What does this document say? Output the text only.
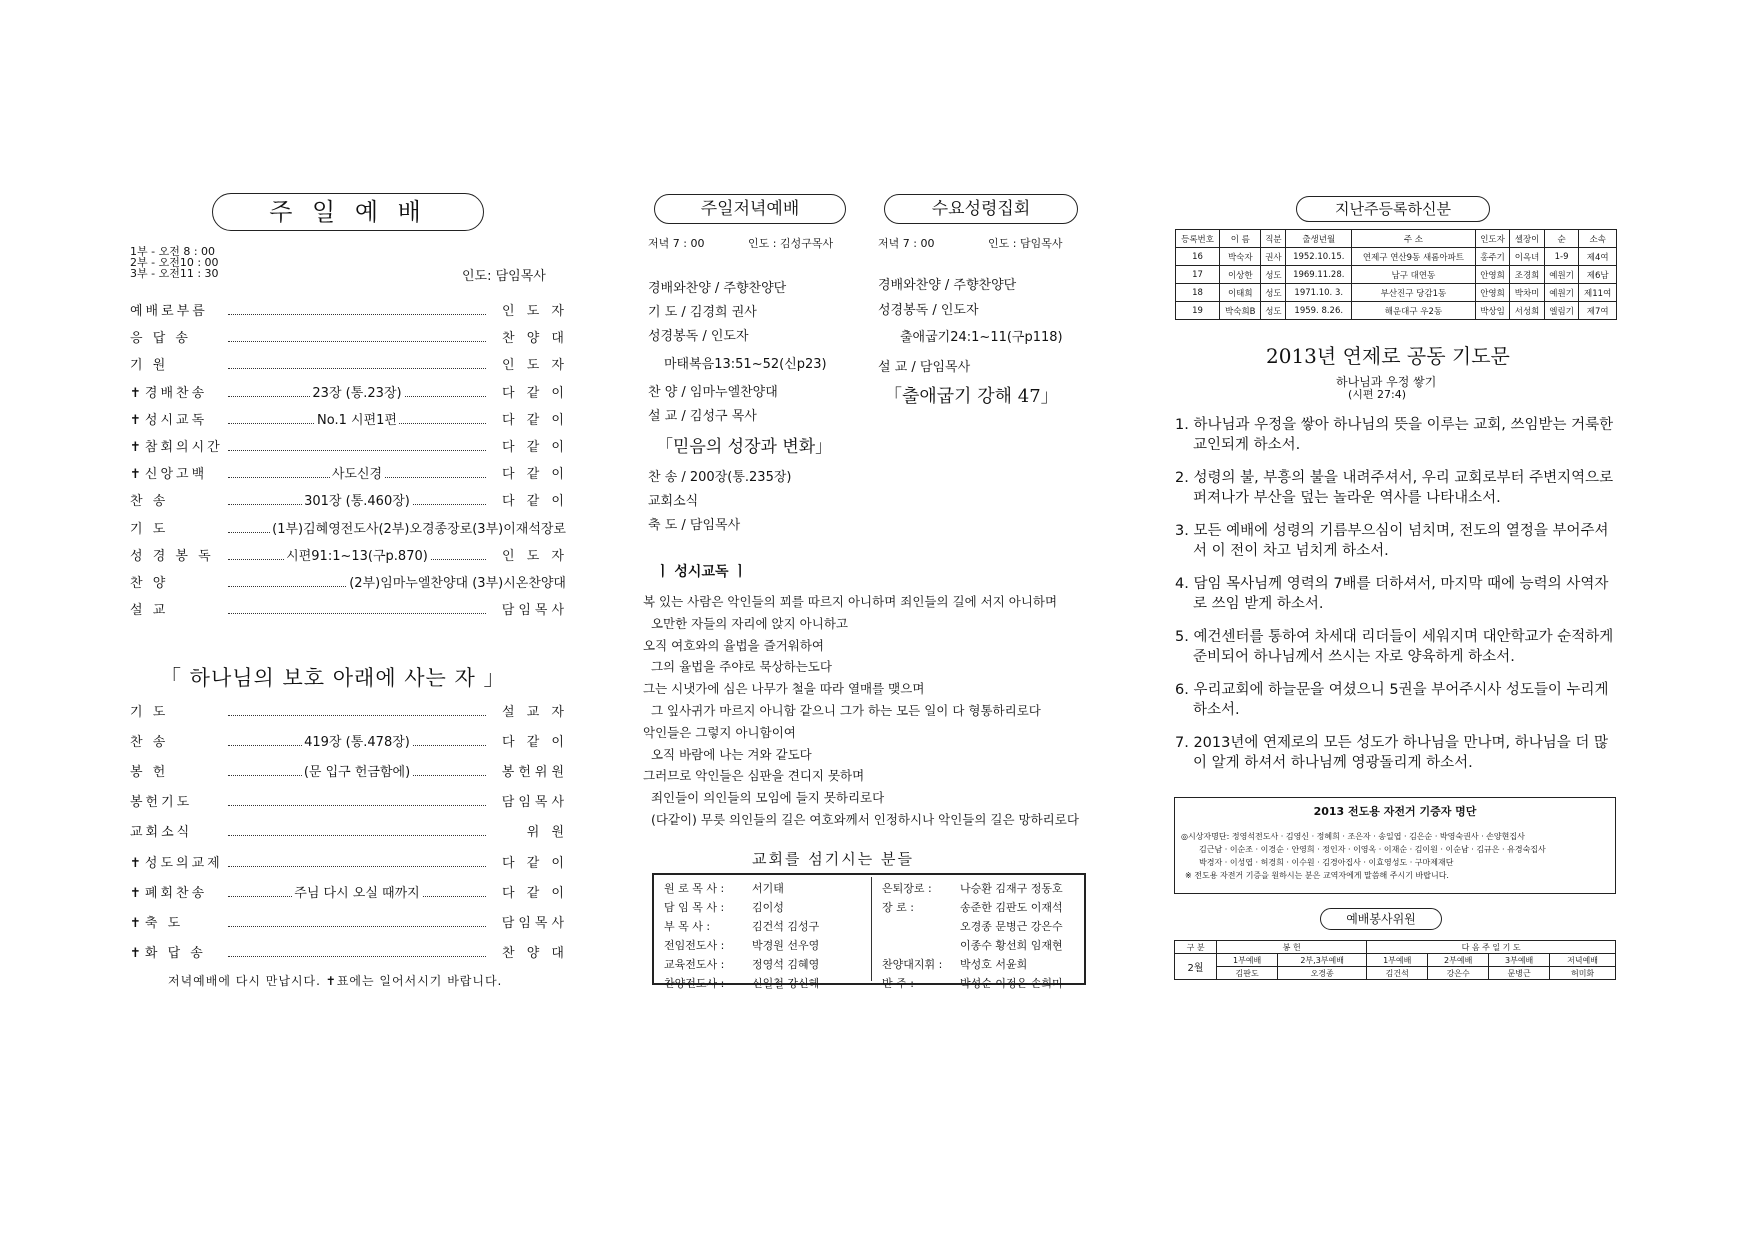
주 일 예 배
1부 - 오전 8 : 00
2부 - 오전10 : 00
3부 - 오전11 : 30	인도: 담임목사
예배로부름	인 도 자
응 답 송	찬 양 대
기 원	인 도 자
✝ 경배찬송	23장 (통.23장)	다 같 이
✝ 성시교독	No.1 시편1편	다 같 이
✝ 참회의시간	다 같 이
✝ 신앙고백	사도신경	다 같 이
찬 송	301장 (통.460장)	다 같 이
기 도	(1부)김혜영전도사(2부)오경종장로(3부)이재석장로
성 경 봉 독	시편91:1~13(구p.870)	인 도 자
찬 양	(2부)임마누엘찬양대 (3부)시온찬양대
설 교	담임목사
「 하나님의 보호 아래에 사는 자 」
기 도	설 교 자
찬 송	419장 (통.478장)	다 같 이
봉 헌	(문 입구 헌금함에)	봉헌위원
봉헌기도	담임목사
교회소식	위 원
✝ 성도의교제	다 같 이
✝ 폐회찬송	주님 다시 오실 때까지	다 같 이
✝ 축 도	담임목사
✝ 화 답 송	찬 양 대
저녁예배에 다시 만납시다. ✝표에는 일어서시기 바랍니다.
주일저녁예배	수요성령집회
저녁 7 : 00	인도 : 김성구목사	저녁 7 : 00	인도 : 담임목사
경배와찬양 / 주향찬양단
기 도 / 김경희 권사
성경봉독 / 인도자
마태복음13:51~52(신p23)
찬 양 / 임마누엘찬양대
설 교 / 김성구 목사
「믿음의 성장과 변화」
찬 송 / 200장(통.235장)
교회소식
축 도 / 담임목사
경배와찬양 / 주향찬양단
성경봉독 / 인도자
출애굽기24:1~11(구p118)
설 교 / 담임목사
「출애굽기 강해 47」
ㅣ 성시교독 ㅣ
복 있는 사람은 악인들의 꾀를 따르지 아니하며 죄인들의 길에 서지 아니하며
오만한 자들의 자리에 앉지 아니하고
오직 여호와의 율법을 즐거워하여
그의 율법을 주야로 묵상하는도다
그는 시냇가에 심은 나무가 철을 따라 열매를 맺으며
그 잎사귀가 마르지 아니함 같으니 그가 하는 모든 일이 다 형통하리로다
악인들은 그렇지 아니함이여
오직 바람에 나는 겨와 같도다
그러므로 악인들은 심판을 견디지 못하며
죄인들이 의인들의 모임에 들지 못하리로다
(다같이) 무릇 의인들의 길은 여호와께서 인정하시나 악인들의 길은 망하리로다
교회를 섬기시는 분들
원 로 목 사 :	서기태
담 임 목 사 :	김이성
부 목 사 :	김건석 김성구
전임전도사 :	박경원 선우영
교육전도사 :	정영석 김혜영
찬양전도사 :	신일철 강신혜
은퇴장로 :	나승환 김재구 정동호
장 로 :	송준한 김판도 이재석
	오경종 문병근 강은수
	이종수 황선희 임재현
찬양대지휘 :	박성호 서윤희
반 주 :	박성순 이정은 손희미
지난주등록하신분
등록번호	이 름	직분	출생년월	주 소	인도자	셀장이	순	소속
16	박숙자	권사	1952.10.15.	연제구 연산9동 새롬아파트	홍주기	이옥녀	1-9	제4여
17	이상한	성도	1969.11.28.	남구 대연동	안영희	조경희	예원기	제6남
18	이태희	성도	1971.10. 3.	부산진구 당감1동	안영희	박차미	예원기	제11여
19	박숙희B	성도	1959. 8.26.	해운대구 우2동	박상임	서성희	엘림기	제7여
2013년 연제로 공동 기도문
하나님과 우정 쌓기
(시편 27:4)
1. 하나님과 우정을 쌓아 하나님의 뜻을 이루는 교회, 쓰임받는 거룩한 교인되게 하소서.
2. 성령의 불, 부흥의 불을 내려주셔서, 우리 교회로부터 주변지역으로 퍼져나가 부산을 덮는 놀라운 역사를 나타내소서.
3. 모든 예배에 성령의 기름부으심이 넘치며, 전도의 열정을 부어주셔서 이 전이 차고 넘치게 하소서.
4. 담임 목사님께 영력의 7배를 더하셔서, 마지막 때에 능력의 사역자로 쓰임 받게 하소서.
5. 예건센터를 통하여 차세대 리더들이 세워지며 대안학교가 순적하게 준비되어 하나님께서 쓰시는 자로 양육하게 하소서.
6. 우리교회에 하늘문을 여셨으니 5권을 부어주시사 성도들이 누리게 하소서.
7. 2013년에 연제로의 모든 성도가 하나님을 만나며, 하나님을 더 많이 알게 하셔서 하나님께 영광돌리게 하소서.
2013 전도용 자전거 기증자 명단
◎시상자명단: 정영석전도사 · 김영신 · 정혜희 · 조은자 · 송일엽 · 김은순 · 박영숙권사 · 손양현집사
김근남 · 이순조 · 이경순 · 안영희 · 정인자 · 이영옥 · 이재순 · 김이원 · 이순남 · 김규은 · 유경숙집사
박경자 · 이성엽 · 허경희 · 이수원 · 김경아집사 · 이효영성도 · 구마제재단
※ 전도용 자전거 기증을 원하시는 분은 교역자에게 말씀해 주시기 바랍니다.
예배봉사위원
구 분	봉 헌		다 음 주 일 기 도			
2월	1부예배	2부,3부예배	1부예배	2부예배	3부예배	저녁예배
	김판도	오경종	김건석	강은수	문병근	허미화
